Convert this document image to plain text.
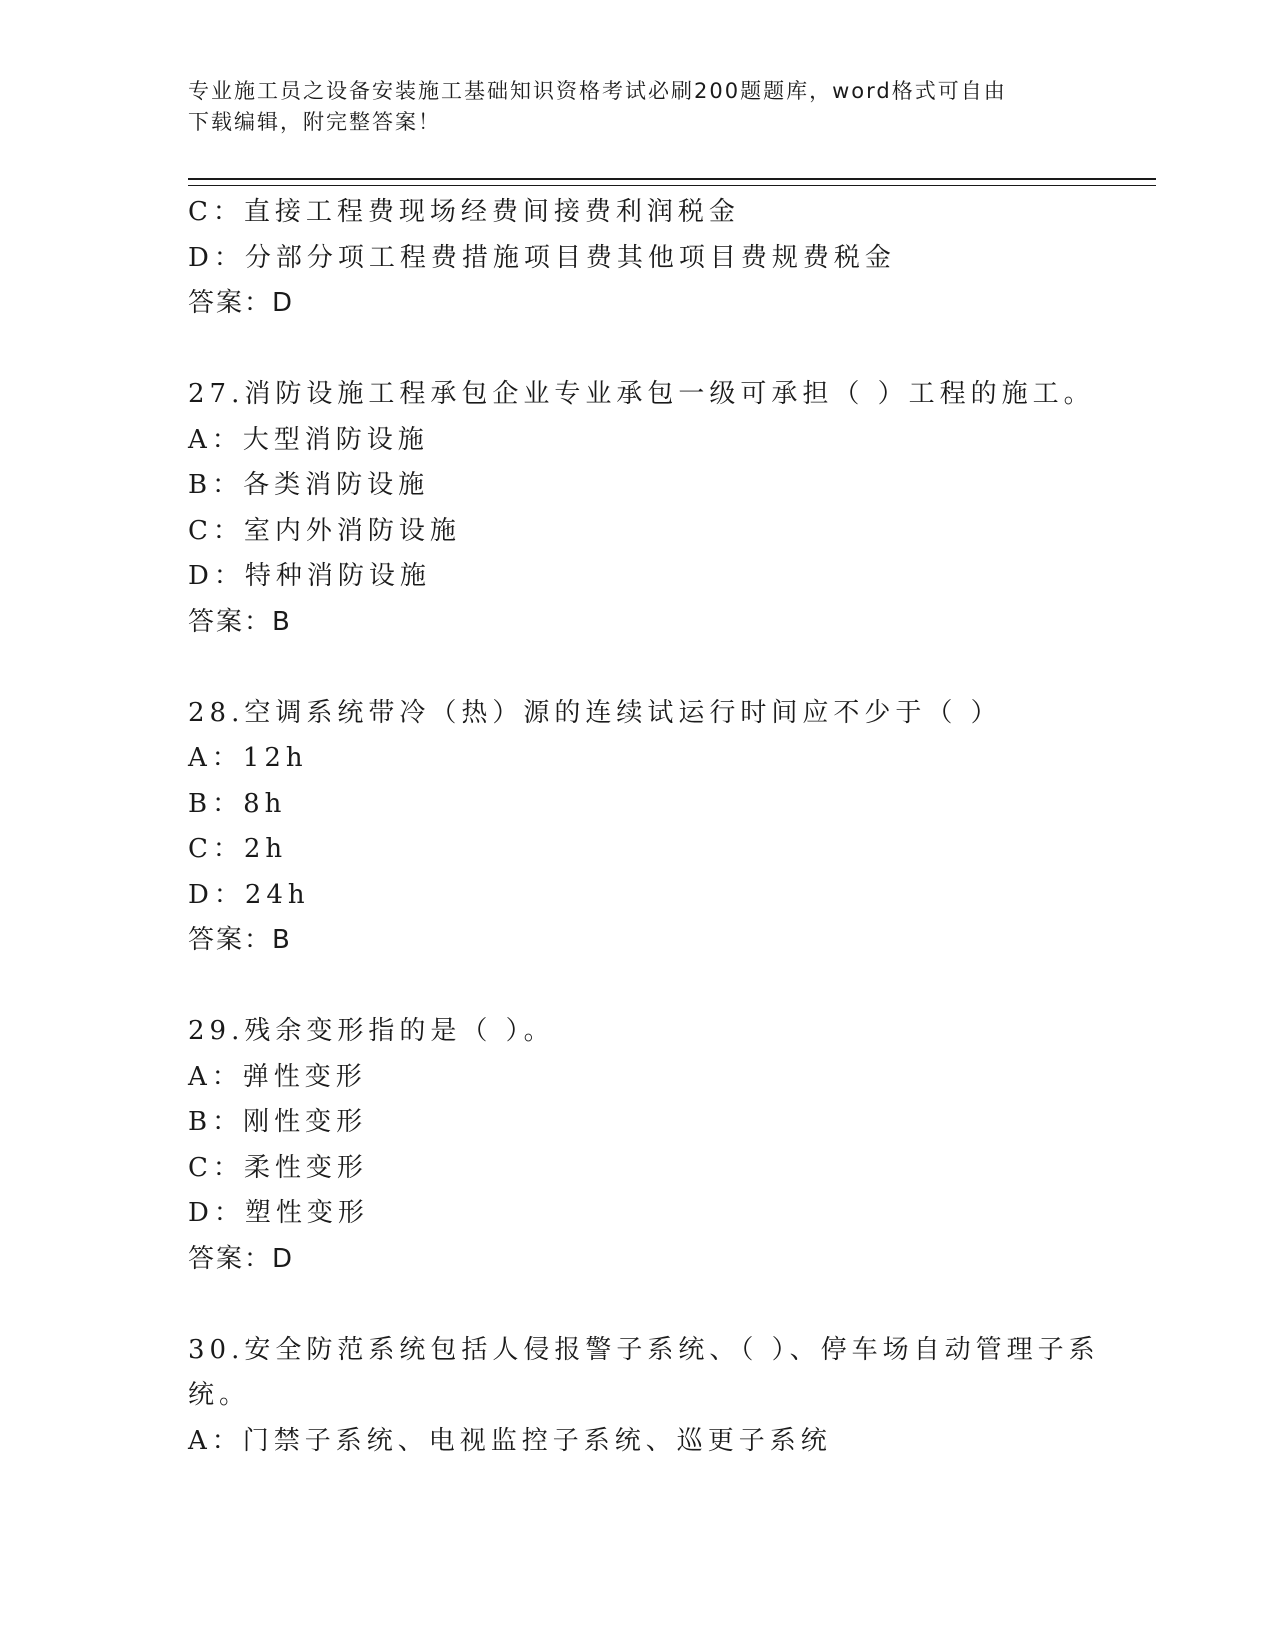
专业施工员之设备安装施工基础知识资格考试必刷200题题库，word格式可自由
下载编辑，附完整答案！
C：直接工程费现场经费间接费利润税金
D：分部分项工程费措施项目费其他项目费规费税金
答案：D
27.消防设施工程承包企业专业承包一级可承担（ ）工程的施工。
A：大型消防设施
B：各类消防设施
C：室内外消防设施
D：特种消防设施
答案：B
28.空调系统带冷（热）源的连续试运行时间应不少于（ ）
A：12h
B：8h
C：2h
D：24h
答案：B
29.残余变形指的是（ ）。
A：弹性变形
B：刚性变形
C：柔性变形
D：塑性变形
答案：D
30.安全防范系统包括人侵报警子系统、（ ）、停车场自动管理子系
统。
A：门禁子系统、电视监控子系统、巡更子系统
